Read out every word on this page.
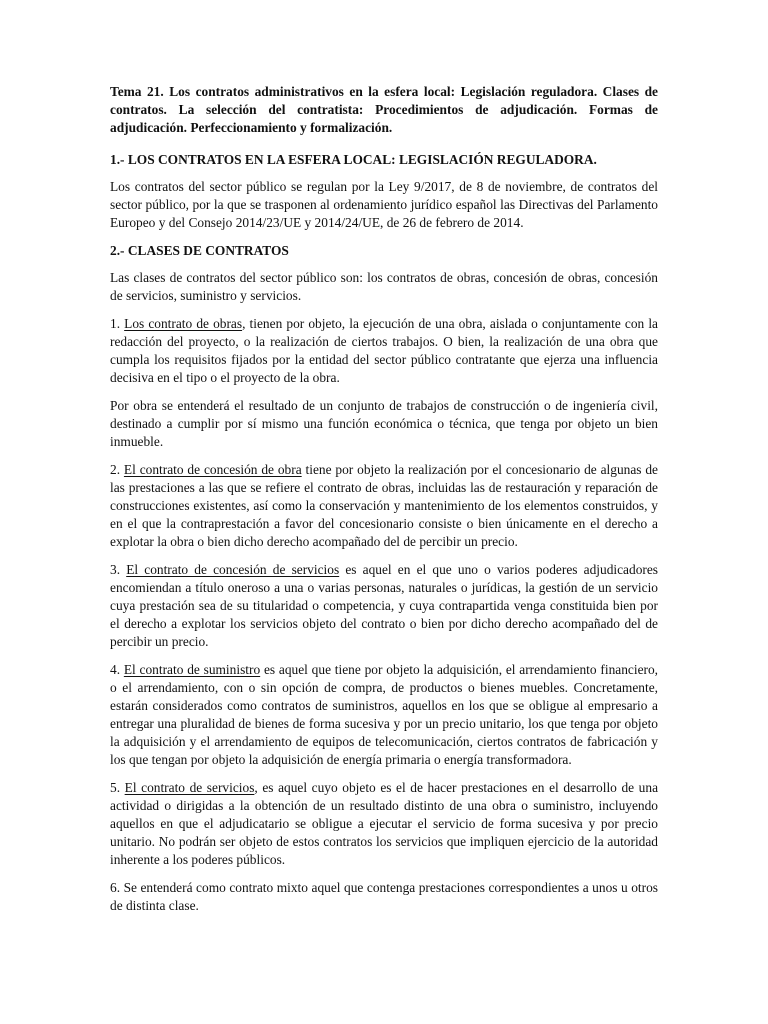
Tema 21. Los contratos administrativos en la esfera local: Legislación reguladora. Clases de contratos. La selección del contratista: Procedimientos de adjudicación. Formas de adjudicación. Perfeccionamiento y formalización.

1.- LOS CONTRATOS EN LA ESFERA LOCAL: LEGISLACIÓN REGULADORA.

Los contratos del sector público se regulan por la Ley 9/2017, de 8 de noviembre, de contratos del sector público, por la que se trasponen al ordenamiento jurídico español las Directivas del Parlamento Europeo y del Consejo 2014/23/UE y 2014/24/UE, de 26 de febrero de 2014.

2.- CLASES DE CONTRATOS

Las clases de contratos del sector público son: los contratos de obras, concesión de obras, concesión de servicios, suministro y servicios.

1. Los contrato de obras, tienen por objeto, la ejecución de una obra, aislada o conjuntamente con la redacción del proyecto, o la realización de ciertos trabajos. O bien, la realización de una obra que cumpla los requisitos fijados por la entidad del sector público contratante que ejerza una influencia decisiva en el tipo o el proyecto de la obra.

Por obra se entenderá el resultado de un conjunto de trabajos de construcción o de ingeniería civil, destinado a cumplir por sí mismo una función económica o técnica, que tenga por objeto un bien inmueble.

2. El contrato de concesión de obra tiene por objeto la realización por el concesionario de algunas de las prestaciones a las que se refiere el contrato de obras, incluidas las de restauración y reparación de construcciones existentes, así como la conservación y mantenimiento de los elementos construidos, y en el que la contraprestación a favor del concesionario consiste o bien únicamente en el derecho a explotar la obra o bien dicho derecho acompañado del de percibir un precio.

3. El contrato de concesión de servicios es aquel en el que uno o varios poderes adjudicadores encomiendan a título oneroso a una o varias personas, naturales o jurídicas, la gestión de un servicio cuya prestación sea de su titularidad o competencia, y cuya contrapartida venga constituida bien por el derecho a explotar los servicios objeto del contrato o bien por dicho derecho acompañado del de percibir un precio.

4. El contrato de suministro es aquel que tiene por objeto la adquisición, el arrendamiento financiero, o el arrendamiento, con o sin opción de compra, de productos o bienes muebles. Concretamente, estarán considerados como contratos de suministros, aquellos en los que se obligue al empresario a entregar una pluralidad de bienes de forma sucesiva y por un precio unitario, los que tenga por objeto la adquisición y el arrendamiento de equipos de telecomunicación, ciertos contratos de fabricación y los que tengan por objeto la adquisición de energía primaria o energía transformadora.

5. El contrato de servicios, es aquel cuyo objeto es el de hacer prestaciones en el desarrollo de una actividad o dirigidas a la obtención de un resultado distinto de una obra o suministro, incluyendo aquellos en que el adjudicatario se obligue a ejecutar el servicio de forma sucesiva y por precio unitario. No podrán ser objeto de estos contratos los servicios que impliquen ejercicio de la autoridad inherente a los poderes públicos.

6. Se entenderá como contrato mixto aquel que contenga prestaciones correspondientes a unos u otros de distinta clase.
